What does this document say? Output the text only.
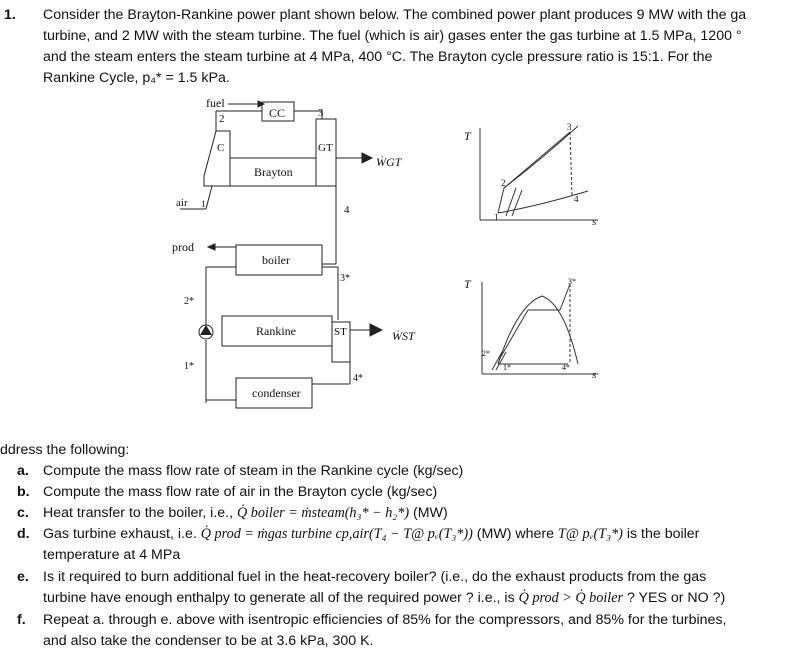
1. Consider the Brayton-Rankine power plant shown below. The combined power plant produces 9 MW with the ga
turbine, and 2 MW with the steam turbine. The fuel (which is air) gases enter the gas turbine at 1.5 MPa, 1200 °
and the steam enters the steam turbine at 4 MPa, 400 °C. The Brayton cycle pressure ratio is 15:1. For the
Rankine Cycle, p₄* = 1.5 kPa.
fuel
CC
2	3
C	GT
Brayton
ẆGT
air 1	4
prod
boiler
3*
2*
Rankine	ST	ẆST
1*
4*
condenser
T
s
1
2
3
4
T
s
1*
2*
3*
4*
ddress the following:
a. Compute the mass flow rate of steam in the Rankine cycle (kg/sec)
b. Compute the mass flow rate of air in the Brayton cycle (kg/sec)
c. Heat transfer to the boiler, i.e., Q̇ boiler = ṁsteam(h₃* − h₂*) (MW)
d. Gas turbine exhaust, i.e. Q̇ prod = ṁgas turbine cp,air(T₄ − T@ pᵥ(T₃*)) (MW) where T@ pᵥ(T₃*) is the boiler
temperature at 4 MPa
e. Is it required to burn additional fuel in the heat-recovery boiler? (i.e., do the exhaust products from the gas
turbine have enough enthalpy to generate all of the required power ? i.e., is Q̇ prod > Q̇ boiler ? YES or NO ?)
f. Repeat a. through e. above with isentropic efficiencies of 85% for the compressors, and 85% for the turbines,
and also take the condenser to be at 3.6 kPa, 300 K.
